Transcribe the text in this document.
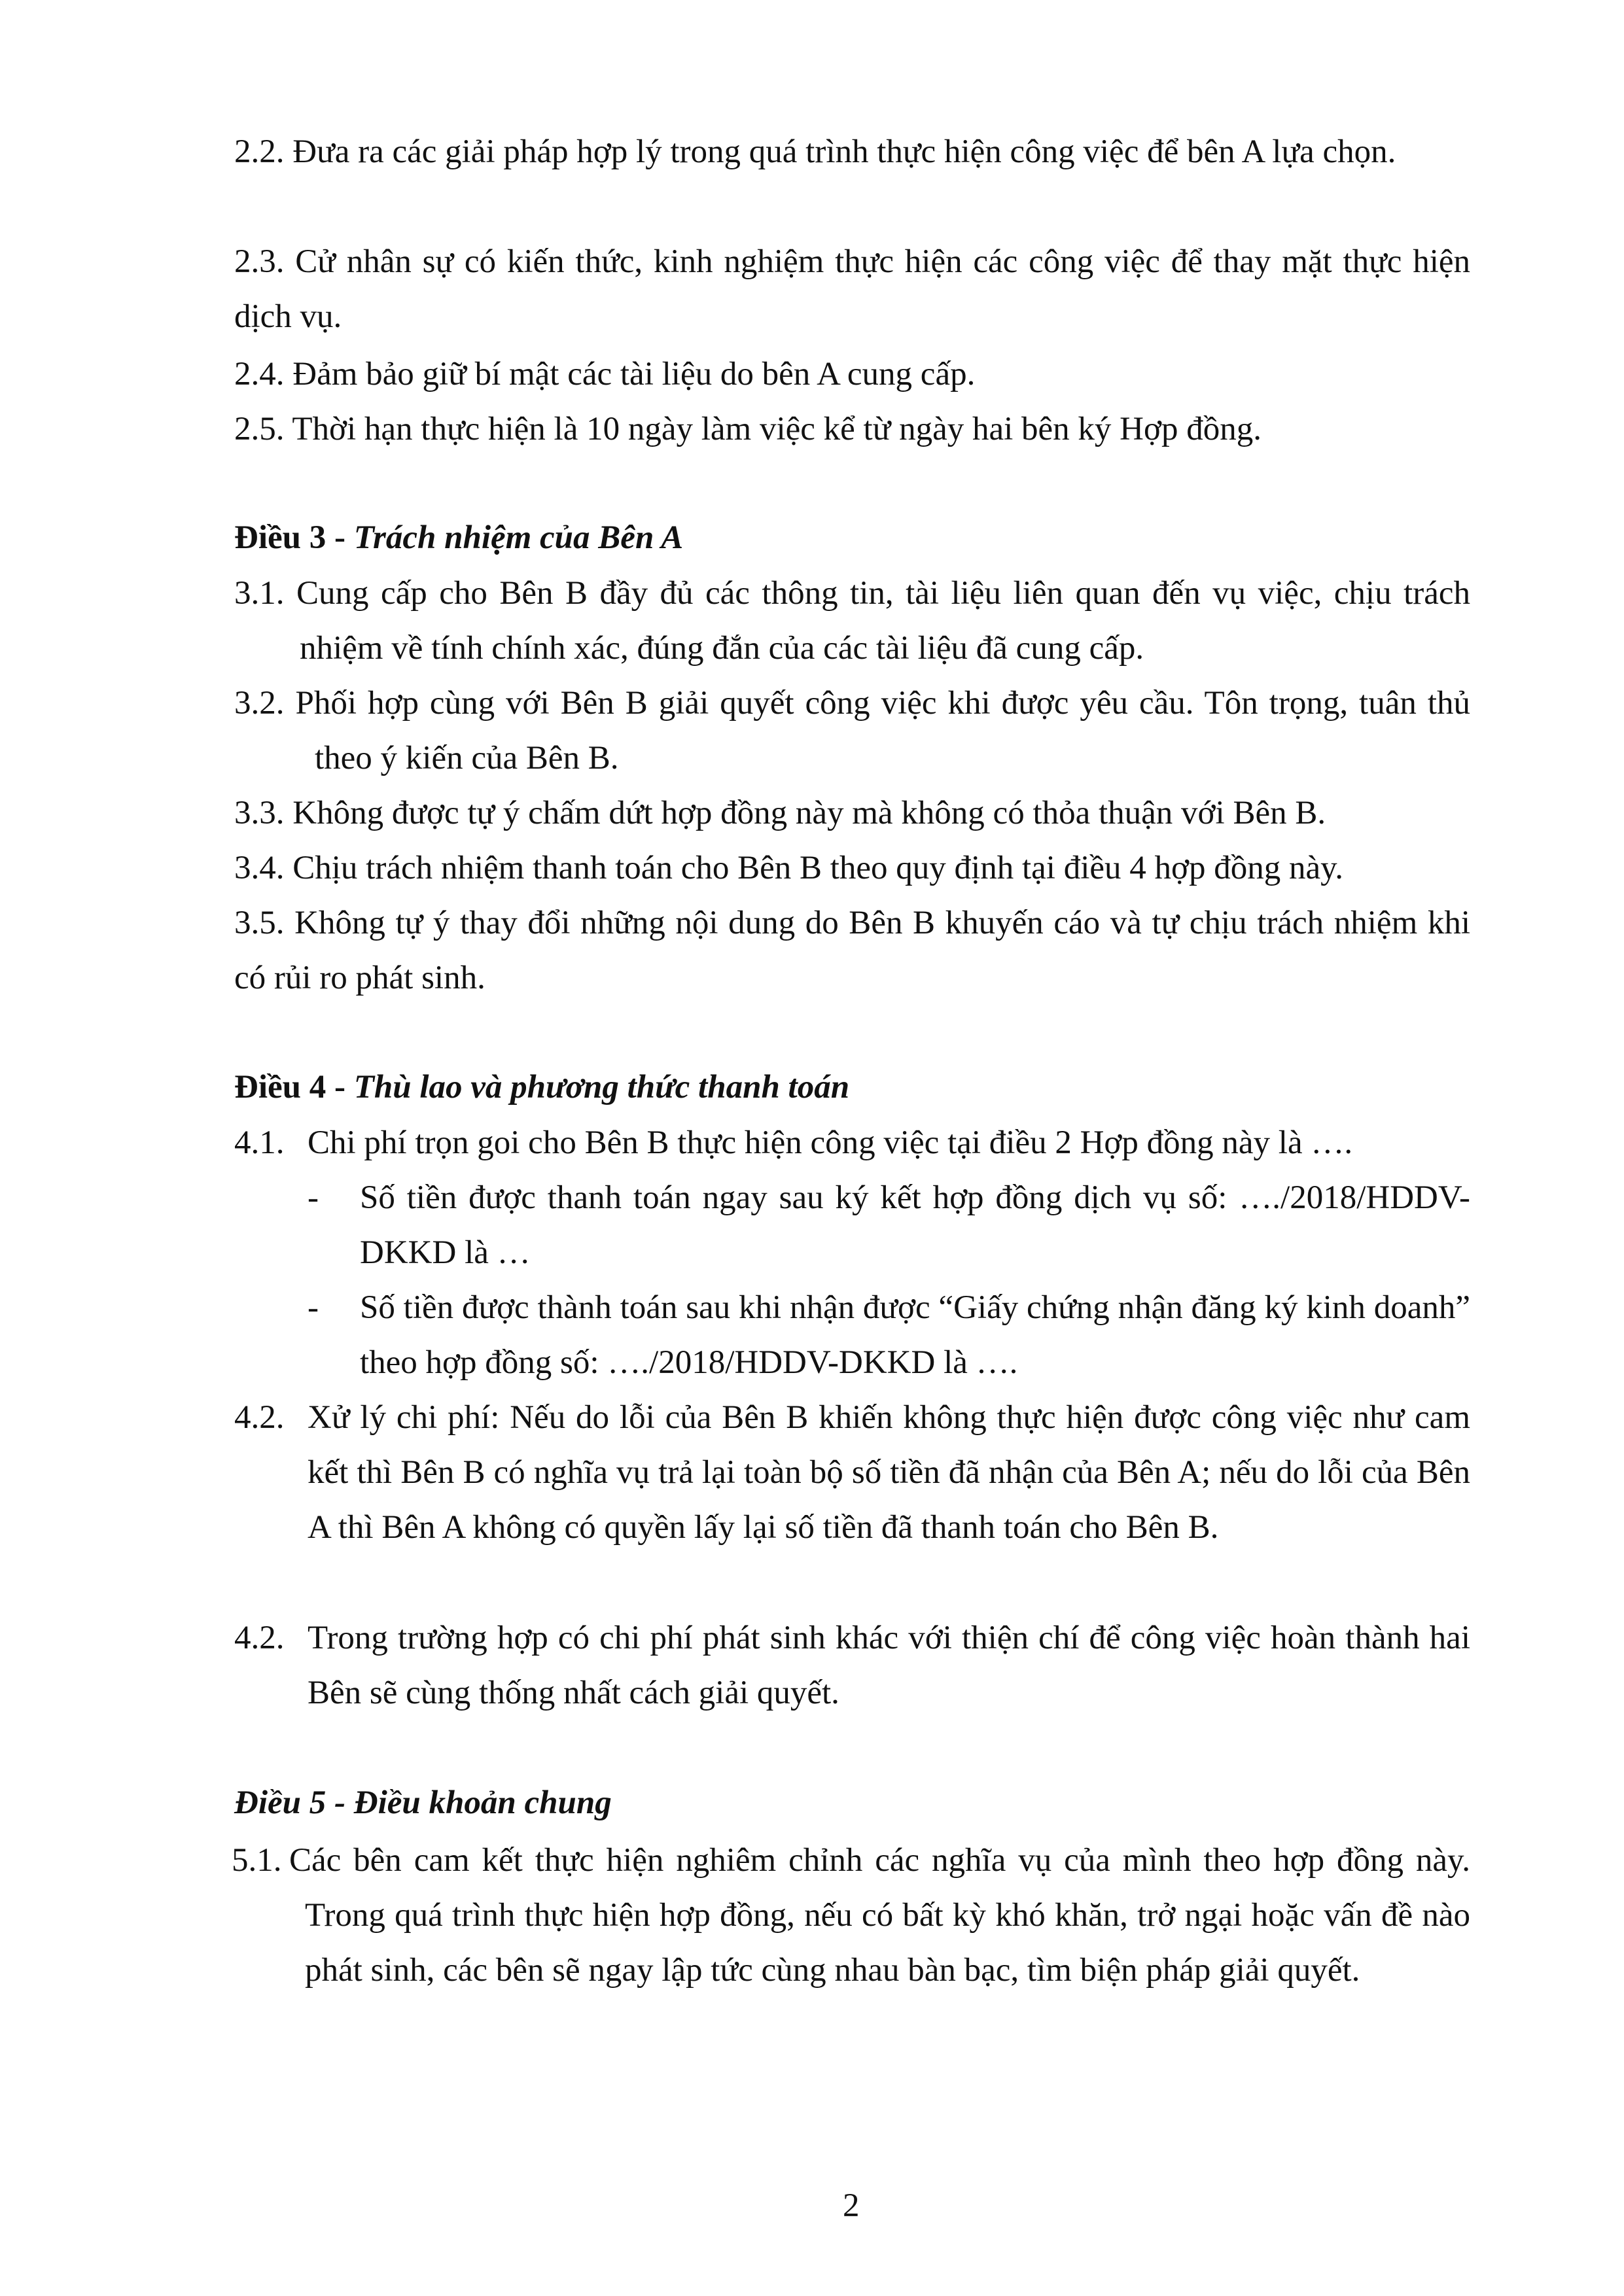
2.2. Đưa ra các giải pháp hợp lý trong quá trình thực hiện công việc để bên A lựa chọn.
2.3. Cử nhân sự có kiến thức, kinh nghiệm thực hiện các công việc để thay mặt thực hiện dịch vụ.
2.4. Đảm bảo giữ bí mật các tài liệu do bên A cung cấp.
2.5. Thời hạn thực hiện là 10 ngày làm việc kể từ ngày hai bên ký Hợp đồng.
Điều 3 - Trách nhiệm của Bên A
3.1. Cung cấp cho Bên B đầy đủ các thông tin, tài liệu liên quan đến vụ việc, chịu trách nhiệm về tính chính xác, đúng đắn của các tài liệu đã cung cấp.
3.2. Phối hợp cùng với Bên B giải quyết công việc khi được yêu cầu. Tôn trọng, tuân thủ theo ý kiến của Bên B.
3.3. Không được tự ý chấm dứt hợp đồng này mà không có thỏa thuận với Bên B.
3.4. Chịu trách nhiệm thanh toán cho Bên B theo quy định tại điều 4 hợp đồng này.
3.5. Không tự ý thay đổi những nội dung do Bên B khuyến cáo và tự chịu trách nhiệm khi có rủi ro phát sinh.
Điều 4 - Thù lao và phương thức thanh toán
4.1. Chi phí trọn goi cho Bên B thực hiện công việc tại điều 2 Hợp đồng này là ….
- Số tiền được thanh toán ngay sau ký kết hợp đồng dịch vụ số: …./2018/HDDV-DKKD là …
- Số tiền được thành toán sau khi nhận được “Giấy chứng nhận đăng ký kinh doanh” theo hợp đồng số: …./2018/HDDV-DKKD là ….
4.2. Xử lý chi phí: Nếu do lỗi của Bên B khiến không thực hiện được công việc như cam kết thì Bên B có nghĩa vụ trả lại toàn bộ số tiền đã nhận của Bên A; nếu do lỗi của Bên A thì Bên A không có quyền lấy lại số tiền đã thanh toán cho Bên B.
4.2. Trong trường hợp có chi phí phát sinh khác với thiện chí để công việc hoàn thành hai Bên sẽ cùng thống nhất cách giải quyết.
Điều 5 - Điều khoản chung
5.1. Các bên cam kết thực hiện nghiêm chỉnh các nghĩa vụ của mình theo hợp đồng này. Trong quá trình thực hiện hợp đồng, nếu có bất kỳ khó khăn, trở ngại hoặc vấn đề nào phát sinh, các bên sẽ ngay lập tức cùng nhau bàn bạc, tìm biện pháp giải quyết.
2
